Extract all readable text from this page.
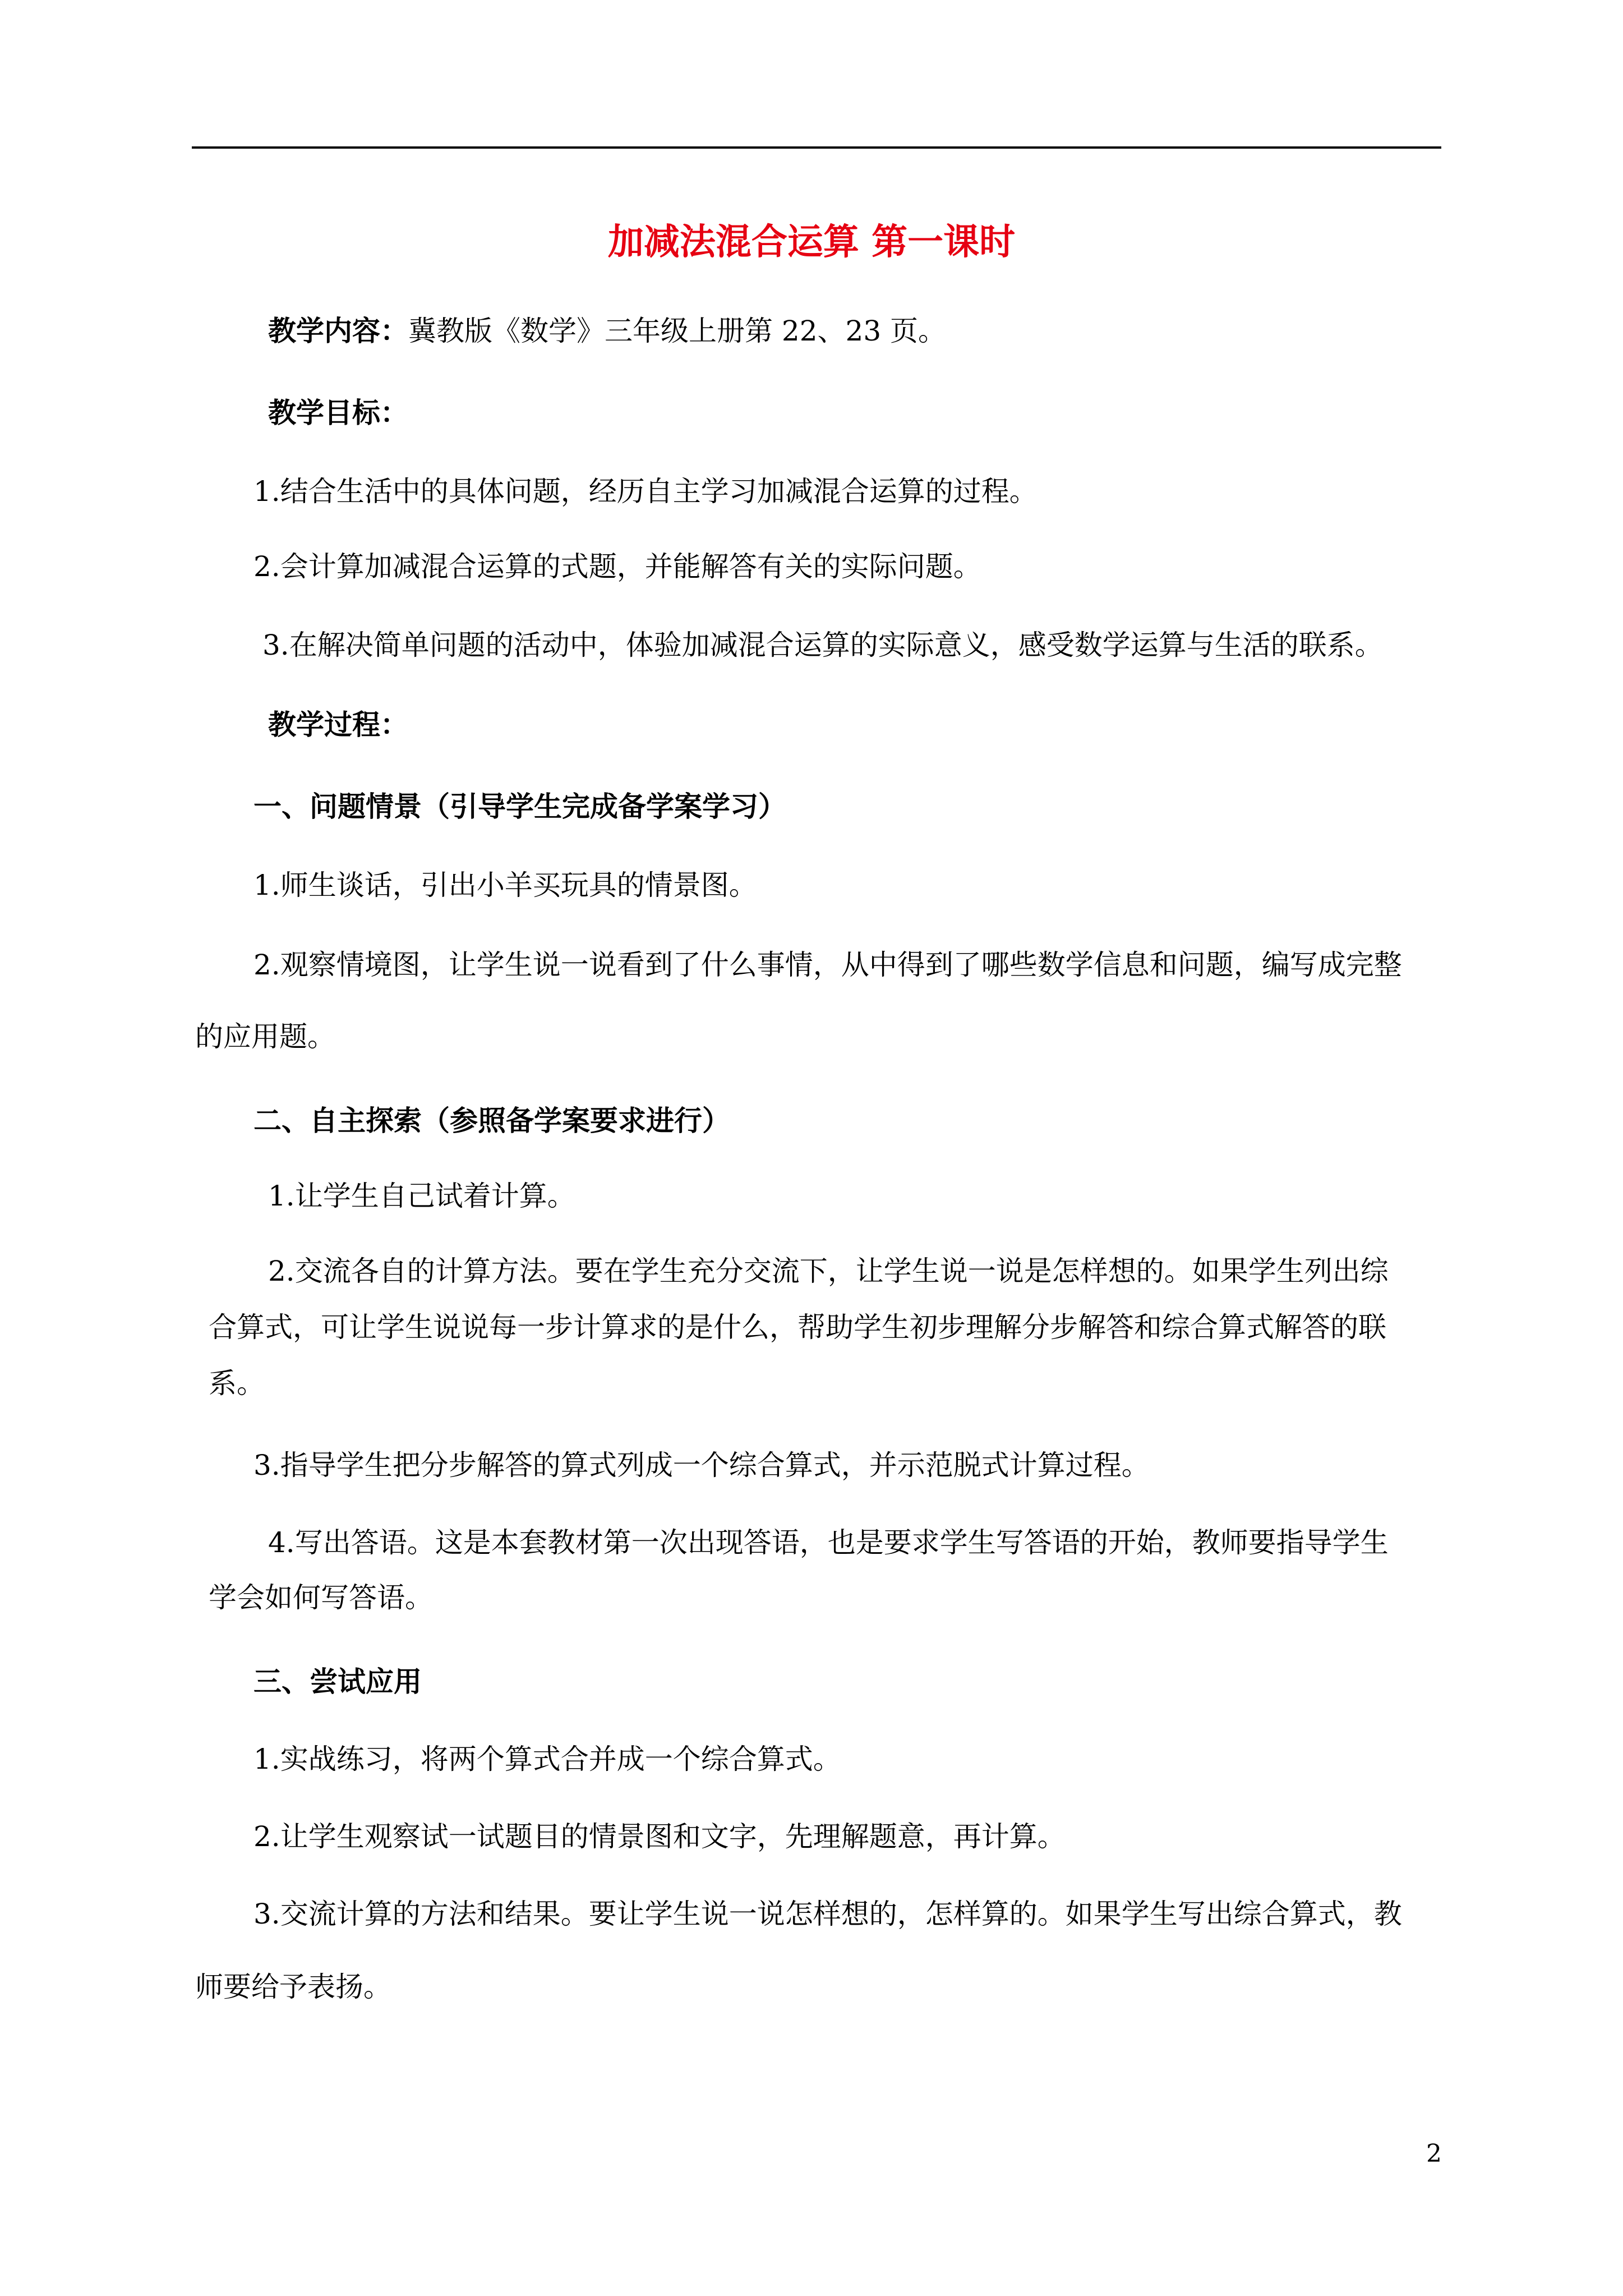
加减法混合运算 第一课时
教学内容：冀教版《数学》三年级上册第 22、23 页。
教学目标：
1.结合生活中的具体问题，经历自主学习加减混合运算的过程。
2.会计算加减混合运算的式题，并能解答有关的实际问题。
3.在解决简单问题的活动中，体验加减混合运算的实际意义，感受数学运算与生活的联系。
教学过程：
一、问题情景（引导学生完成备学案学习）
1.师生谈话，引出小羊买玩具的情景图。
2.观察情境图，让学生说一说看到了什么事情，从中得到了哪些数学信息和问题，编写成完整
的应用题。
二、自主探索（参照备学案要求进行）
1.让学生自己试着计算。
2.交流各自的计算方法。要在学生充分交流下，让学生说一说是怎样想的。如果学生列出综
合算式，可让学生说说每一步计算求的是什么，帮助学生初步理解分步解答和综合算式解答的联
系。
3.指导学生把分步解答的算式列成一个综合算式，并示范脱式计算过程。
4.写出答语。这是本套教材第一次出现答语，也是要求学生写答语的开始，教师要指导学生
学会如何写答语。
三、尝试应用
1.实战练习，将两个算式合并成一个综合算式。
2.让学生观察试一试题目的情景图和文字，先理解题意，再计算。
3.交流计算的方法和结果。要让学生说一说怎样想的，怎样算的。如果学生写出综合算式，教
师要给予表扬。
2
